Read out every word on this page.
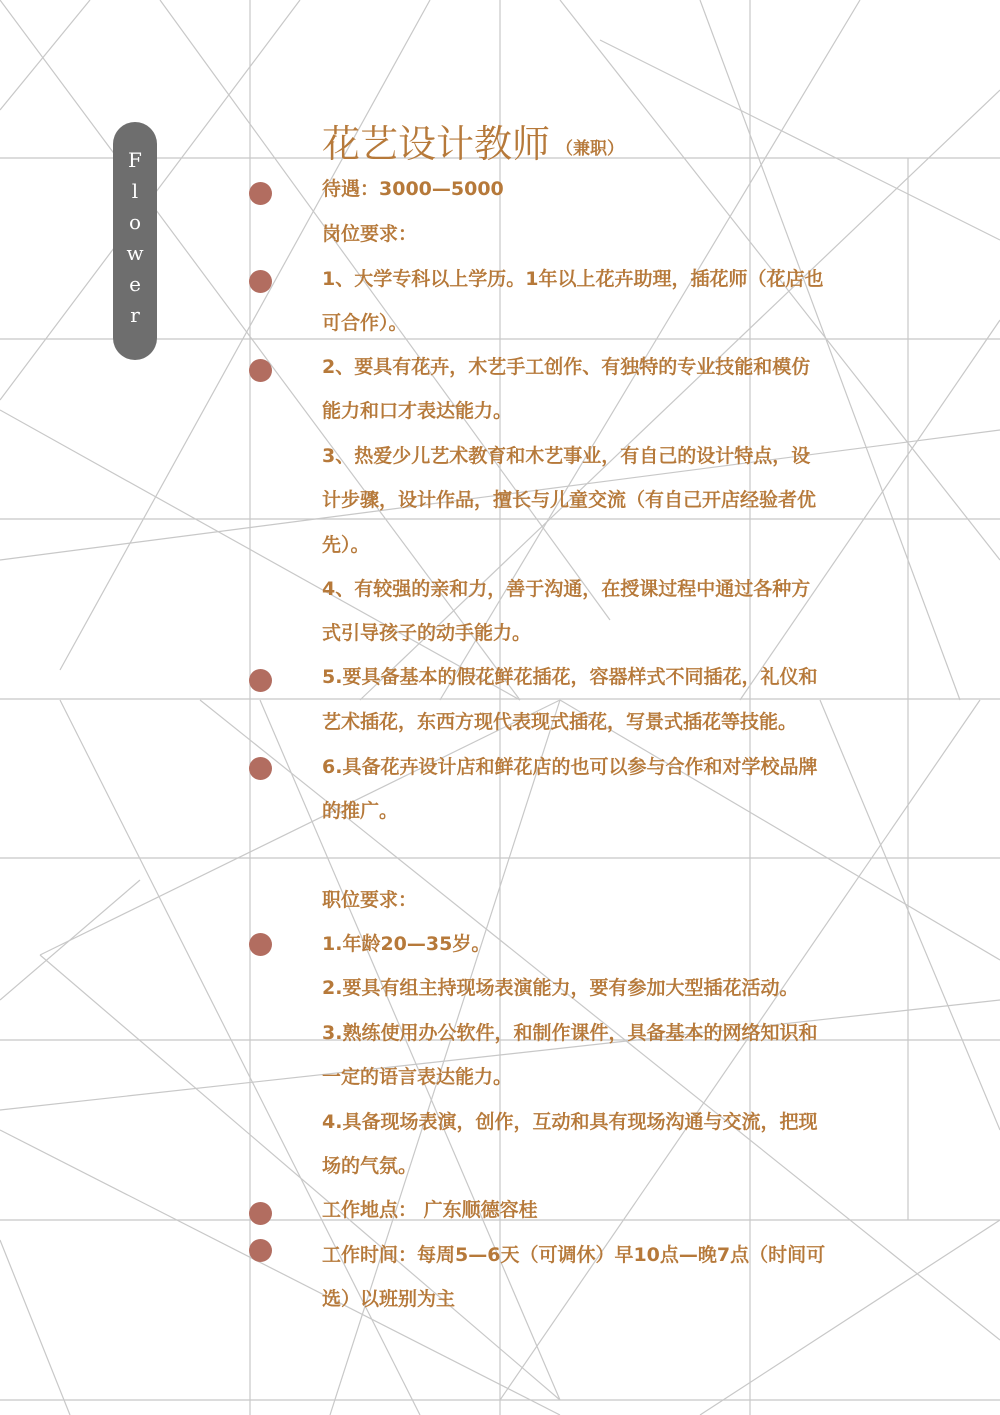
Flower
花艺设计教师 （兼职）
待遇：3000—5000
岗位要求：
1、大学专科以上学历。1年以上花卉助理，插花师（花店也
可合作）。
2、要具有花卉，木艺手工创作、有独特的专业技能和模仿
能力和口才表达能力。
3、热爱少儿艺术教育和木艺事业，有自己的设计特点，设
计步骤，设计作品，擅长与儿童交流（有自己开店经验者优
先）。
4、有较强的亲和力，善于沟通，在授课过程中通过各种方
式引导孩子的动手能力。
5.要具备基本的假花鲜花插花，容器样式不同插花，礼仪和
艺术插花，东西方现代表现式插花，写景式插花等技能。
6.具备花卉设计店和鲜花店的也可以参与合作和对学校品牌
的推广。
职位要求：
1.年龄20—35岁。
2.要具有组主持现场表演能力，要有参加大型插花活动。
3.熟练使用办公软件，和制作课件，具备基本的网络知识和
一定的语言表达能力。
4.具备现场表演，创作，互动和具有现场沟通与交流，把现
场的气氛。
工作地点： 广东顺德容桂
工作时间：每周5—6天（可调休）早10点—晚7点（时间可
选）以班别为主
